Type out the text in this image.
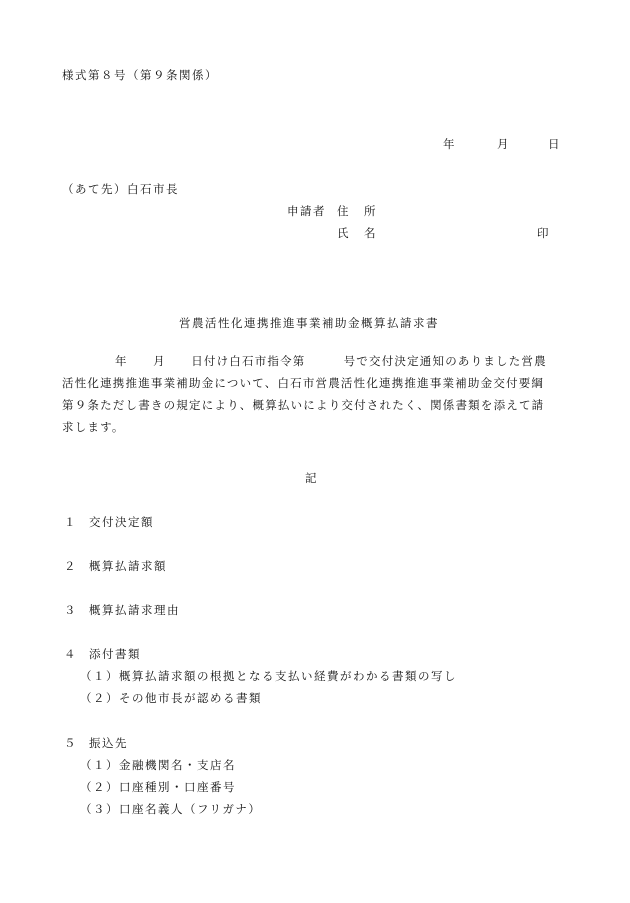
様式第８号（第９条関係）
年	月	日
（あて先）白石市長
申請者 住　所
氏　名	印
営農活性化連携推進事業補助金概算払請求書
年　　月　　日付け白石市指令第　　　号で交付決定通知のありました営農
活性化連携推進事業補助金について、白石市営農活性化連携推進事業補助金交付要綱
第９条ただし書きの規定により、概算払いにより交付されたく、関係書類を添えて請
求します。
記
１ 交付決定額
２ 概算払請求額
３ 概算払請求理由
４ 添付書類
（１）概算払請求額の根拠となる支払い経費がわかる書類の写し
（２）その他市長が認める書類
５ 振込先
（１）金融機関名・支店名
（２）口座種別・口座番号
（３）口座名義人（フリガナ）
